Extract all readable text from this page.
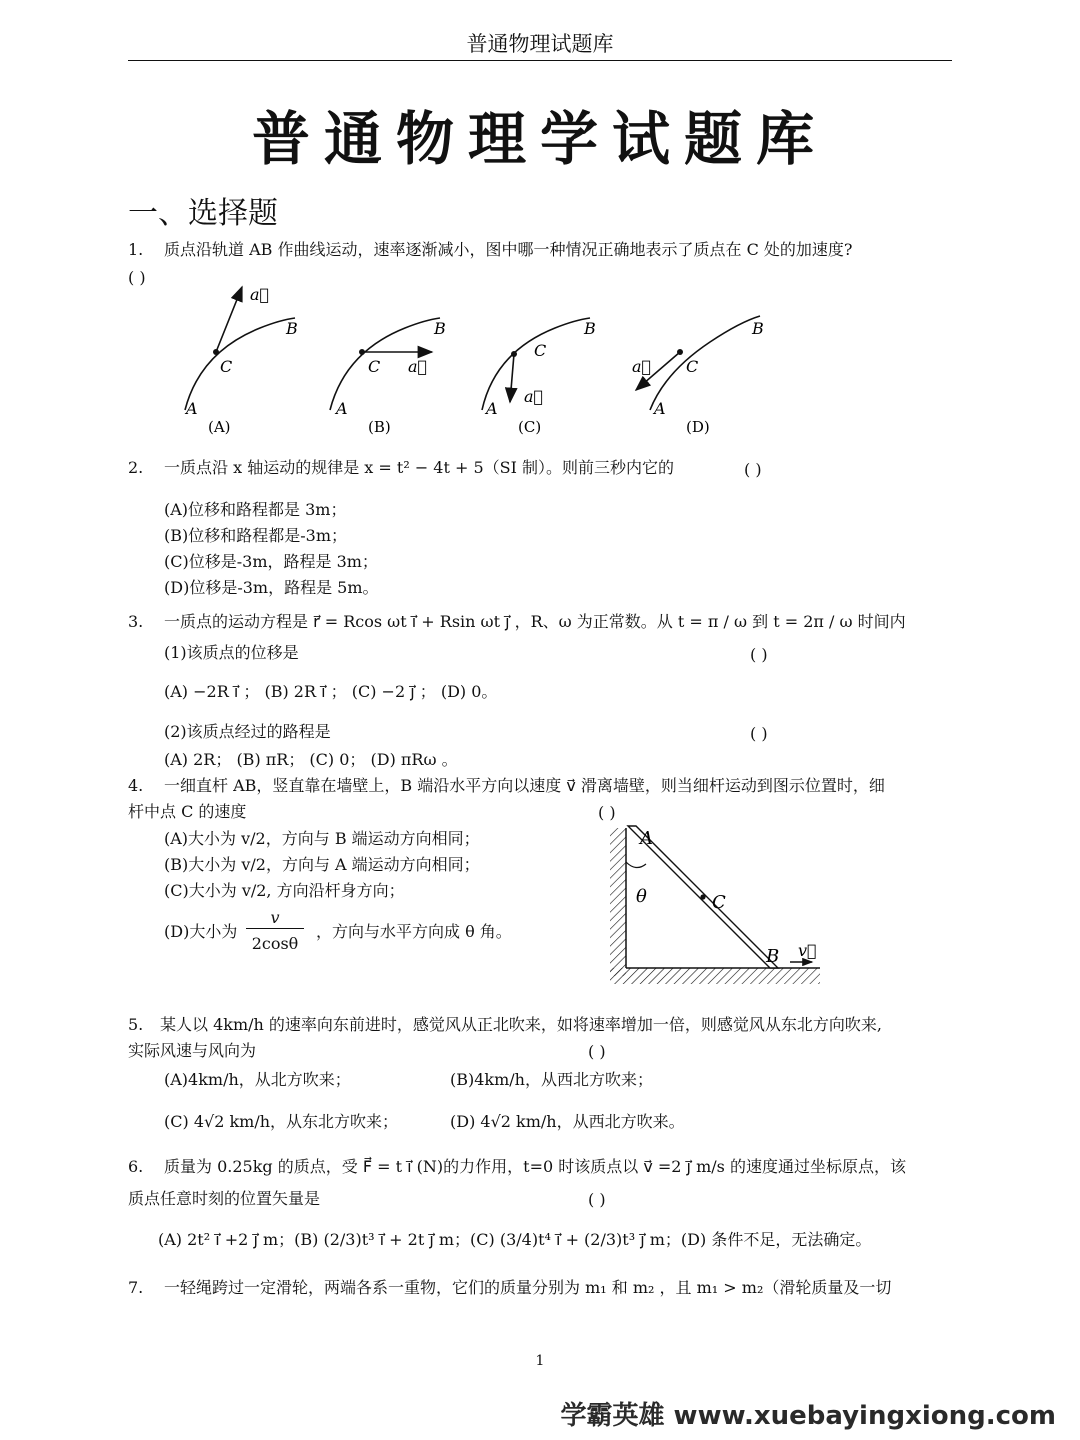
普通物理试题库
普通物理学试题库
一、选择题
1. 质点沿轨道 AB 作曲线运动，速率逐渐减小，图中哪一种情况正确地表示了质点在 C 处的加速度?
( )
A
B
C
a⃗
(A)
A
B
C a⃗
(B)
A
B
C
a⃗
(C)
A
B
C
a⃗
(D)
2. 一质点沿 x 轴运动的规律是 x = t² − 4t + 5（SI 制）。则前三秒内它的	( )
(A)位移和路程都是 3m；
(B)位移和路程都是-3m；
(C)位移是-3m，路程是 3m；
(D)位移是-3m，路程是 5m。
3. 一质点的运动方程是 r⃗ = Rcos ωt i⃗ + Rsin ωt j⃗ ，R、ω 为正常数。从 t = π / ω 到 t = 2π / ω 时间内
(1)该质点的位移是	( )
(A) −2R i⃗ ； (B) 2R i⃗ ； (C) −2 j⃗ ； (D) 0。
(2)该质点经过的路程是	( )
(A) 2R； (B) πR； (C) 0； (D) πRω 。
4. 一细直杆 AB，竖直靠在墙壁上，B 端沿水平方向以速度 v⃗ 滑离墙壁，则当细杆运动到图示位置时，细
杆中点 C 的速度	( )
(A)大小为 v/2，方向与 B 端运动方向相同；
(B)大小为 v/2，方向与 A 端运动方向相同；
(C)大小为 v/2, 方向沿杆身方向；
(D)大小为
v
2cosθ
，方向与水平方向成 θ 角。
A
θ	C
B v⃗
5. 某人以 4km/h 的速率向东前进时，感觉风从正北吹来，如将速率增加一倍，则感觉风从东北方向吹来,
实际风速与风向为	( )
(A)4km/h，从北方吹来；	(B)4km/h，从西北方吹来；
(C) 4√2 km/h，从东北方吹来；	(D) 4√2 km/h，从西北方吹来。
6. 质量为 0.25kg 的质点，受 F⃗ = t i⃗ (N)的力作用，t=0 时该质点以 v⃗ =2 j⃗ m/s 的速度通过坐标原点，该
质点任意时刻的位置矢量是	( )
(A) 2t² i⃗ +2 j⃗ m；(B) (2/3)t³ i⃗ + 2t j⃗ m；(C) (3/4)t⁴ i⃗ + (2/3)t³ j⃗ m；(D) 条件不足，无法确定。
7. 一轻绳跨过一定滑轮，两端各系一重物，它们的质量分别为 m₁ 和 m₂ ，且 m₁ > m₂（滑轮质量及一切
1
学霸英雄 www.xuebayingxiong.com
